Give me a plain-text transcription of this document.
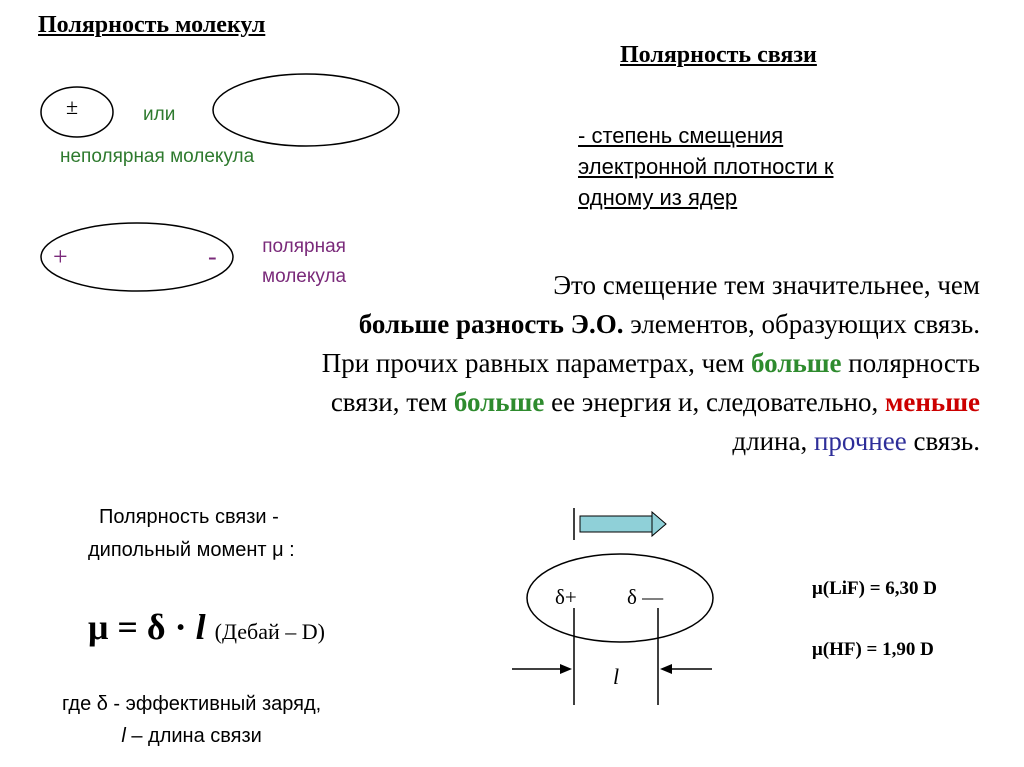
Полярность молекул
Полярность связи
- степень смещения
электронной плотности к
одному из ядер
±	или
неполярная молекула
+	- полярная
молекула	Это смещение тем значительнее, чем
больше разность Э.О. элементов, образующих связь.
При прочих равных параметрах, чем больше полярность
связи, тем больше ее энергия и, следовательно, меньше
длина, прочнее связь.
Полярность связи -
дипольный момент μ :
μ = δ · l (Дебай – D)
где δ - эффективный заряд,
l – длина связи
δ+ δ —
l
μ(LiF) = 6,30 D
μ(HF) = 1,90 D
